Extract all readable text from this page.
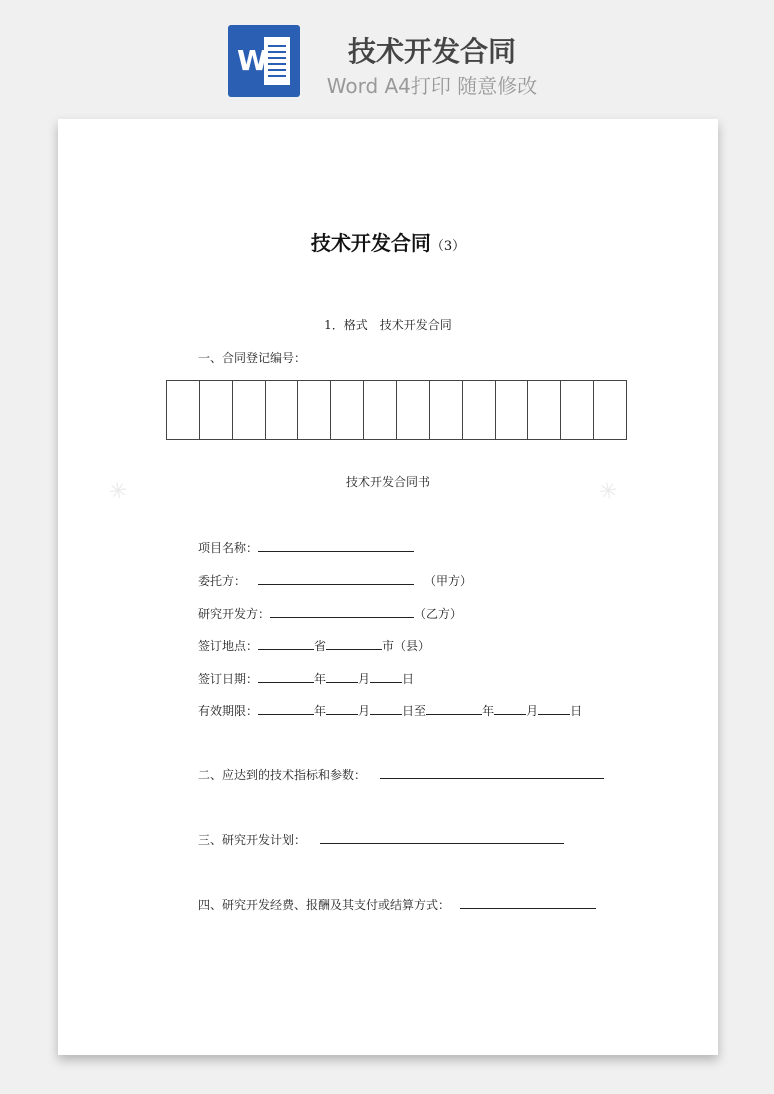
W	技术开发合同
Word A4打印 随意修改
✳	✳
技术开发合同（3）
1．格式　技术开发合同
一、合同登记编号：
技术开发合同书
项目名称：
委托方：	（甲方）
研究开发方：	（乙方）
签订地点：	省	市（县）
签订日期：	年	月	日
有效期限：	年	月	日至	年	月	日
二、应达到的技术指标和参数：
三、研究开发计划：
四、研究开发经费、报酬及其支付或结算方式：
